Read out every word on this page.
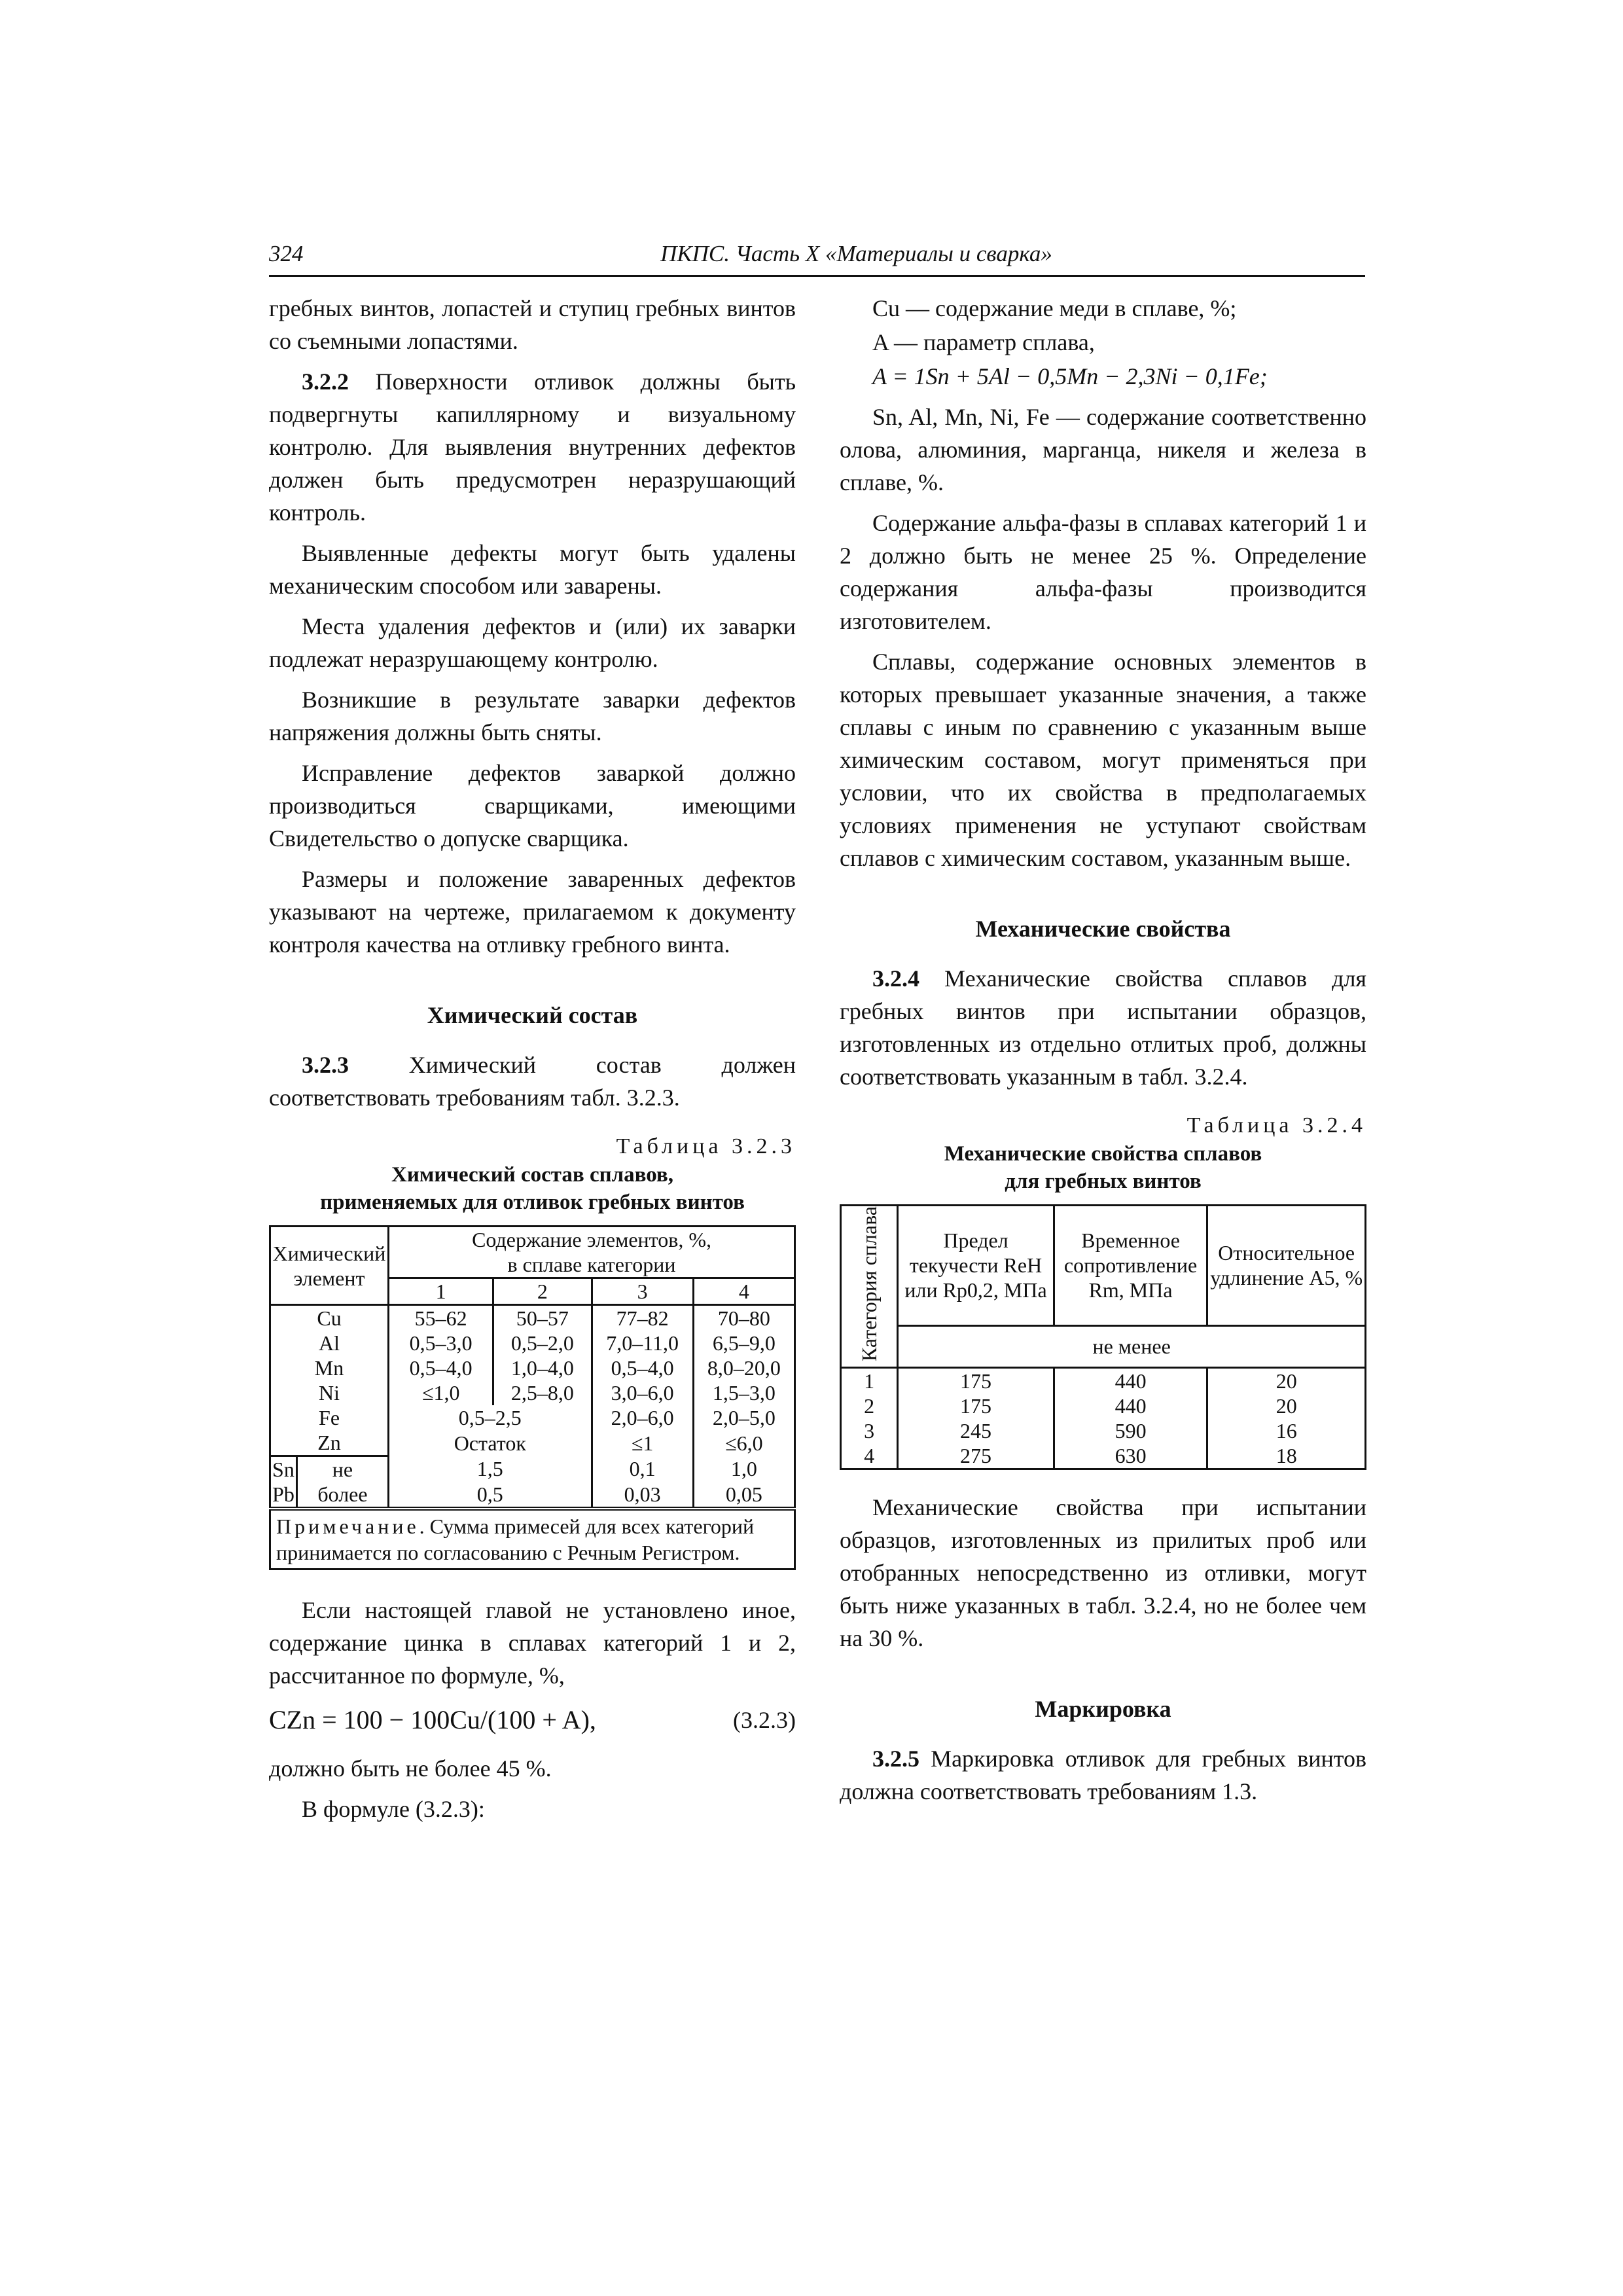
324	ПКПС. Часть X «Материалы и сварка»

гребных винтов, лопастей и ступиц гребных винтов со съемными лопастями.

3.2.2 Поверхности отливок должны быть подвергнуты капиллярному и визуальному контролю. Для выявления внутренних дефектов должен быть предусмотрен неразрушающий контроль.

Выявленные дефекты могут быть удалены механическим способом или заварены.

Места удаления дефектов и (или) их заварки подлежат неразрушающему контролю.

Возникшие в результате заварки дефектов напряжения должны быть сняты.

Исправление дефектов заваркой должно производиться сварщиками, имеющими Свидетельство о допуске сварщика.

Размеры и положение заваренных дефектов указывают на чертеже, прилагаемом к документу контроля качества на отливку гребного винта.

Химический состав

3.2.3 Химический состав должен соответствовать требованиям табл. 3.2.3.

Таблица 3.2.3
Химический состав сплавов,
применяемых для отливок гребных винтов
Химический элемент		Содержание элементов, %,
в сплаве категории			

		1	2	3	4
Cu		55–62	50–57	77–82	70–80
Al		0,5–3,0	0,5–2,0	7,0–11,0	6,5–9,0
Mn		0,5–4,0	1,0–4,0	0,5–4,0	8,0–20,0
Ni		≤1,0	2,5–8,0	3,0–6,0	1,5–3,0
Fe		0,5–2,5		2,0–6,0	2,0–5,0
Zn		Остаток		≤1	≤6,0
Sn	не	1,5		0,1	1,0
Pb	более	0,5		0,03	0,05
Примечание. Сумма примесей для всех категорий принимается по согласованию с Речным Регистром.					

Если настоящей главой не установлено иное, содержание цинка в сплавах категорий 1 и 2, рассчитанное по формуле, %,

CZn = 100 − 100Cu/(100 + A),	(3.2.3)

должно быть не более 45 %.

В формуле (3.2.3):

Cu — содержание меди в сплаве, %;

A — параметр сплава,

A = 1Sn + 5Al − 0,5Mn − 2,3Ni − 0,1Fe;

Sn, Al, Mn, Ni, Fe — содержание соответственно олова, алюминия, марганца, никеля и железа в сплаве, %.

Содержание альфа-фазы в сплавах категорий 1 и 2 должно быть не менее 25 %. Определение содержания альфа-фазы производится изготовителем.

Сплавы, содержание основных элементов в которых превышает указанные значения, а также сплавы с иным по сравнению с указанным выше химическим составом, могут применяться при условии, что их свойства в предполагаемых условиях применения не уступают свойствам сплавов с химическим составом, указанным выше.

Механические свойства

3.2.4 Механические свойства сплавов для гребных винтов при испытании образцов, изготовленных из отдельно отлитых проб, должны соответствовать указанным в табл. 3.2.4.

Таблица 3.2.4
Механические свойства сплавов
для гребных винтов
Категория сплава	Предел текучести ReH или Rp0,2, МПа	Временное сопротивление Rm, МПа	Относительное удлинение A5, %
	не менее		
1	175	440	20
2	175	440	20
3	245	590	16
4	275	630	18

Механические свойства при испытании образцов, изготовленных из прилитых проб или отобранных непосредственно из отливки, могут быть ниже указанных в табл. 3.2.4, но не более чем на 30 %.

Маркировка

3.2.5 Маркировка отливок для гребных винтов должна соответствовать требованиям 1.3.
